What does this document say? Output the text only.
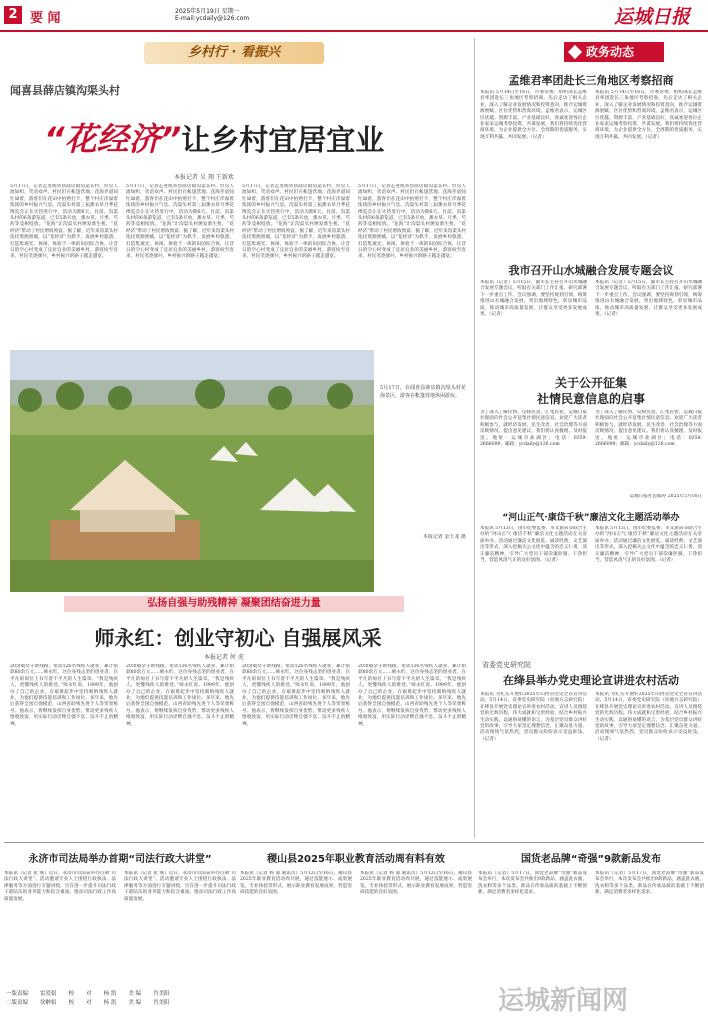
2 要 闻	2025年5月19日 星期一
E-mail:ycdaily@126.com	运城日报
乡村行 · 看振兴
闻喜县薛店镇沟渠头村
“花经济”让乡村宜居宜业
本报记者 吴 翔 王新欢
5月17日，记者走进闻喜县薛店镇沟渠头村，但见人流如织、笑语欢声。村民们在帐篷营地、花海步道间忙碌着，游客们在花田中拍照打卡，整个村庄洋溢着浓浓的乡村振兴气息。沟渠头村第三届薰衣草月季花博览会正在火热进行中，活动为期6天。目前，沟渠头村的6条游览道，已有5条开放，薰衣草、月季、芍药等竞相绽放。“花海”让沟渠头村焕发新生机，“花经济”带动了村民增收致富。据了解，近年来沟渠头村依托资源禀赋，以“花经济”为抓手，发展乡村旅游，打造集观光、休闲、体验于一体的田园综合体，让昔日的空心村变成了宜居宜业的美丽乡村。游客纷至沓来，村民笑逐颜开，乡村振兴的路子越走越宽。
5月17日，记者走进闻喜县薛店镇沟渠头村，但见人流如织、笑语欢声。村民们在帐篷营地、花海步道间忙碌着，游客们在花田中拍照打卡，整个村庄洋溢着浓浓的乡村振兴气息。沟渠头村第三届薰衣草月季花博览会正在火热进行中，活动为期6天。目前，沟渠头村的6条游览道，已有5条开放，薰衣草、月季、芍药等竞相绽放。“花海”让沟渠头村焕发新生机，“花经济”带动了村民增收致富。据了解，近年来沟渠头村依托资源禀赋，以“花经济”为抓手，发展乡村旅游，打造集观光、休闲、体验于一体的田园综合体，让昔日的空心村变成了宜居宜业的美丽乡村。游客纷至沓来，村民笑逐颜开，乡村振兴的路子越走越宽。
5月17日，记者走进闻喜县薛店镇沟渠头村，但见人流如织、笑语欢声。村民们在帐篷营地、花海步道间忙碌着，游客们在花田中拍照打卡，整个村庄洋溢着浓浓的乡村振兴气息。沟渠头村第三届薰衣草月季花博览会正在火热进行中，活动为期6天。目前，沟渠头村的6条游览道，已有5条开放，薰衣草、月季、芍药等竞相绽放。“花海”让沟渠头村焕发新生机，“花经济”带动了村民增收致富。据了解，近年来沟渠头村依托资源禀赋，以“花经济”为抓手，发展乡村旅游，打造集观光、休闲、体验于一体的田园综合体，让昔日的空心村变成了宜居宜业的美丽乡村。游客纷至沓来，村民笑逐颜开，乡村振兴的路子越走越宽。
5月17日，记者走进闻喜县薛店镇沟渠头村，但见人流如织、笑语欢声。村民们在帐篷营地、花海步道间忙碌着，游客们在花田中拍照打卡，整个村庄洋溢着浓浓的乡村振兴气息。沟渠头村第三届薰衣草月季花博览会正在火热进行中，活动为期6天。目前，沟渠头村的6条游览道，已有5条开放，薰衣草、月季、芍药等竞相绽放。“花海”让沟渠头村焕发新生机，“花经济”带动了村民增收致富。据了解，近年来沟渠头村依托资源禀赋，以“花经济”为抓手，发展乡村旅游，打造集观光、休闲、体验于一体的田园综合体，让昔日的空心村变成了宜居宜业的美丽乡村。游客纷至沓来，村民笑逐颜开，乡村振兴的路子越走越宽。
5月17日，在闻喜县薛店镇沟渠头村花海景区，游客在帐篷营地休闲游玩。
本报记者 金玉龙 摄
政务动态
孟维君率团赴长三角地区考察招商
本报讯 5月14日至16日，市委常委、组织部长孟维君率团赴长三角地区考察招商，先后走访了相关企业，深入了解企业发展情况和投资意向，推介运城资源禀赋、区位优势和营商环境。孟维君表示，运城区位优越、资源丰富、产业基础良好，真诚欢迎各位企业家来运城考察投资、共谋发展。我们将持续优化营商环境，为企业提供全方位、全周期的优质服务，实现互利共赢、共同发展。（记者）
本报讯 5月14日至16日，市委常委、组织部长孟维君率团赴长三角地区考察招商，先后走访了相关企业，深入了解企业发展情况和投资意向，推介运城资源禀赋、区位优势和营商环境。孟维君表示，运城区位优越、资源丰富、产业基础良好，真诚欢迎各位企业家来运城考察投资、共谋发展。我们将持续优化营商环境，为企业提供全方位、全周期的优质服务，实现互利共赢、共同发展。（记者）
我市召开山水城融合发展专题会议
本报讯（记者）5月15日，副市长主持召开山水城融合发展专题会议，听取有关部门工作汇报，研究部署下一步重点工作。会议强调，要坚持规划引领，统筹推进山水城融合发展，突出地域特色，彰显城市品质，推动城市高质量发展，让群众享受更多发展成果。（记者）
本报讯（记者）5月15日，副市长主持召开山水城融合发展专题会议，听取有关部门工作汇报，研究部署下一步重点工作。会议强调，要坚持规划引领，统筹推进山水城融合发展，突出地域特色，彰显城市品质，推动城市高质量发展，让群众享受更多发展成果。（记者）
关于公开征集
社情民意信息的启事
为了深入了解民情、反映民意，汇集民智，运城日报社现面向社会公开征集社情民意信息。欢迎广大读者积极参与，就经济发展、民生改善、社会治理等方面反映情况、提出意见建议。我们将认真梳理、及时报送。地址：运城市盐湖区；电话：0359-2666099；邮箱：ycdaily@126.com
为了深入了解民情、反映民意，汇集民智，运城日报社现面向社会公开征集社情民意信息。欢迎广大读者积极参与，就经济发展、民生改善、社会治理等方面反映情况、提出意见建议。我们将认真梳理、及时报送。地址：运城市盐湖区；电话：0359-2666099；邮箱：ycdaily@126.com
运城日报社总编办 2025年5月16日
“河山正气·康岱千秋”廉洁文化主题活动举办
本报讯 5月13日，由市纪委监委、市文旅局等联合主办的“河山正气·康岱千秋”廉洁文化主题活动在关帝庙举办。活动通过廉洁文化展览、诵读经典、文艺演出等形式，深入挖掘关公文化中蕴含的忠义仁勇、清正廉洁精神，引导广大党员干部崇廉拒腐、干净担当，营造风清气正的良好氛围。（记者）
本报讯 5月13日，由市纪委监委、市文旅局等联合主办的“河山正气·康岱千秋”廉洁文化主题活动在关帝庙举办。活动通过廉洁文化展览、诵读经典、文艺演出等形式，深入挖掘关公文化中蕴含的忠义仁勇、清正廉洁精神，引导广大党员干部崇廉拒腐、干净担当，营造风清气正的良好氛围。（记者）
弘扬自强与助残精神 凝聚团结奋进力量
师永红：创业守初心 自强展风采
本报记者 何 虎
20余载坚守助残路，带动126名残疾人就业，累计捐款80余万元……师永红，这位身残志坚的创业者，在平凡的岗位上书写着不平凡的人生篇章。“我是残疾人，更懂残疾人的难处。”师永红说。1999年，他创办了自己的企业，在艰难起步中坚持吸纳残疾人就业，为他们提供技能培训和工作岗位。多年来，他先后获得全国自强模范、山西省助残先进个人等荣誉称号。他表示，将继续发挥自身优势，带动更多残疾人增收致富，用实际行动诠释自强不息、奋斗不止的精神。
20余载坚守助残路，带动126名残疾人就业，累计捐款80余万元……师永红，这位身残志坚的创业者，在平凡的岗位上书写着不平凡的人生篇章。“我是残疾人，更懂残疾人的难处。”师永红说。1999年，他创办了自己的企业，在艰难起步中坚持吸纳残疾人就业，为他们提供技能培训和工作岗位。多年来，他先后获得全国自强模范、山西省助残先进个人等荣誉称号。他表示，将继续发挥自身优势，带动更多残疾人增收致富，用实际行动诠释自强不息、奋斗不止的精神。
20余载坚守助残路，带动126名残疾人就业，累计捐款80余万元……师永红，这位身残志坚的创业者，在平凡的岗位上书写着不平凡的人生篇章。“我是残疾人，更懂残疾人的难处。”师永红说。1999年，他创办了自己的企业，在艰难起步中坚持吸纳残疾人就业，为他们提供技能培训和工作岗位。多年来，他先后获得全国自强模范、山西省助残先进个人等荣誉称号。他表示，将继续发挥自身优势，带动更多残疾人增收致富，用实际行动诠释自强不息、奋斗不止的精神。
20余载坚守助残路，带动126名残疾人就业，累计捐款80余万元……师永红，这位身残志坚的创业者，在平凡的岗位上书写着不平凡的人生篇章。“我是残疾人，更懂残疾人的难处。”师永红说。1999年，他创办了自己的企业，在艰难起步中坚持吸纳残疾人就业，为他们提供技能培训和工作岗位。多年来，他先后获得全国自强模范、山西省助残先进个人等荣誉称号。他表示，将继续发挥自身优势，带动更多残疾人增收致富，用实际行动诠释自强不息、奋斗不止的精神。
省委党史研究院
在绛县举办党史理论宣讲进农村活动
本报讯 为扎实开展好2025年山西省党史全省宣讲活动，5月14日，省委党史研究院（省地方志研究院）在绛县开展党史理论宣讲进农村活动。宣讲人员围绕党的光辉历程、伟大成就和宝贵经验，结合乡村振兴生动实践，以通俗易懂的语言，为基层党员群众讲好党的故事，引导大家坚定理想信念，汇聚奋进力量。活动现场气氛热烈，党员群众纷纷表示受益匪浅。（记者）
本报讯 为扎实开展好2025年山西省党史全省宣讲活动，5月14日，省委党史研究院（省地方志研究院）在绛县开展党史理论宣讲进农村活动。宣讲人员围绕党的光辉历程、伟大成就和宝贵经验，结合乡村振兴生动实践，以通俗易懂的语言，为基层党员群众讲好党的故事，引导大家坚定理想信念，汇聚奋进力量。活动现场气氛热烈，党员群众纷纷表示受益匪浅。（记者）
永济市司法局举办首期“司法行政大讲堂”
本报讯（记者 崔 燕）近日，永济市司法局举办首期“司法行政大讲堂”。活动邀请专业人士围绕行政执法、法律服务等方面进行专题讲授，旨在进一步提升司法行政干部队伍的业务能力和综合素质，推动司法行政工作高质量发展。
本报讯（记者 崔 燕）近日，永济市司法局举办首期“司法行政大讲堂”。活动邀请专业人士围绕行政执法、法律服务等方面进行专题讲授，旨在进一步提升司法行政干部队伍的业务能力和综合素质，推动司法行政工作高质量发展。
稷山县2025年职业教育活动周有料有效
本报讯（记者 杨 迪 通讯员）5月12日至16日，稷山县2025年职业教育活动周开展，通过技能展示、成果展览、专业体验等形式，展示职业教育发展成果，营造崇尚技能的良好氛围。
本报讯（记者 杨 迪 通讯员）5月12日至16日，稷山县2025年职业教育活动周开展，通过技能展示、成果展览、专业体验等形式，展示职业教育发展成果，营造崇尚技能的良好氛围。
国货老品牌“奇强”9款新品发布
本报讯（记者）5月17日，国货老品牌“奇强”新品发布会举行，本次发布会共推出9款新品，涵盖洗衣液、洗衣粉等多个品类。新品在传承品质的基础上不断创新，满足消费者多样化需求。
本报讯（记者）5月17日，国货老品牌“奇强”新品发布会举行，本次发布会共推出9款新品，涵盖洗衣液、洗衣粉等多个品类。新品在传承品质的基础上不断创新，满足消费者多样化需求。
运城新闻网
一版责编 雷爱娟 校 对 杨 凯 美 编 肖美阳
二版责编 徐翀娟 校 对 杨 凯 美 编 肖美阳
